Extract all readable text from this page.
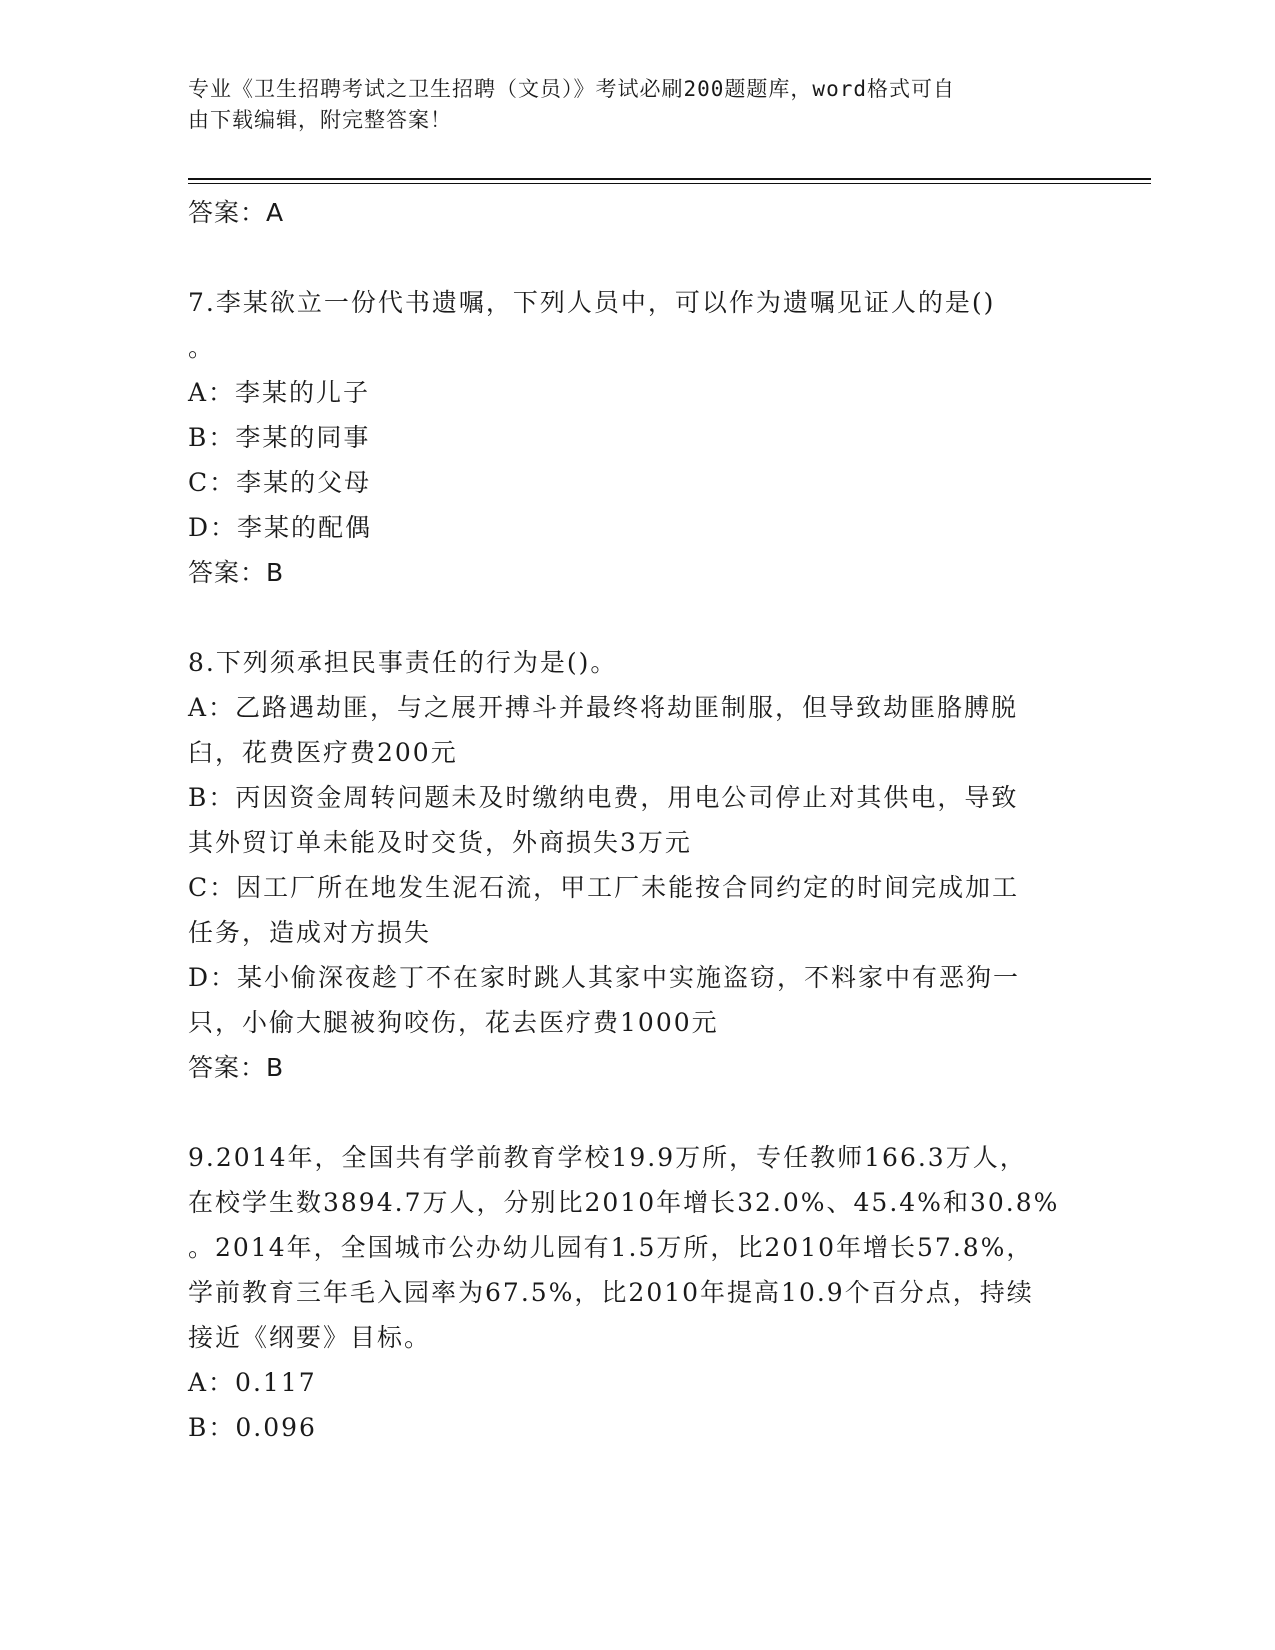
专业《卫生招聘考试之卫生招聘（文员）》考试必刷200题题库，word格式可自
由下载编辑，附完整答案！
答案：A
7.李某欲立一份代书遗嘱，下列人员中，可以作为遗嘱见证人的是()
。
A：李某的儿子
B：李某的同事
C：李某的父母
D：李某的配偶
答案：B
8.下列须承担民事责任的行为是()。
A：乙路遇劫匪，与之展开搏斗并最终将劫匪制服，但导致劫匪胳膊脱
臼，花费医疗费200元
B：丙因资金周转问题未及时缴纳电费，用电公司停止对其供电，导致
其外贸订单未能及时交货，外商损失3万元
C：因工厂所在地发生泥石流，甲工厂未能按合同约定的时间完成加工
任务，造成对方损失
D：某小偷深夜趁丁不在家时跳人其家中实施盗窃，不料家中有恶狗一
只，小偷大腿被狗咬伤，花去医疗费1000元
答案：B
9.2014年，全国共有学前教育学校19.9万所，专任教师166.3万人，
在校学生数3894.7万人，分别比2010年增长32.0%、45.4%和30.8%
。2014年，全国城市公办幼儿园有1.5万所，比2010年增长57.8%，
学前教育三年毛入园率为67.5%，比2010年提高10.9个百分点，持续
接近《纲要》目标。
A：0.117
B：0.096
